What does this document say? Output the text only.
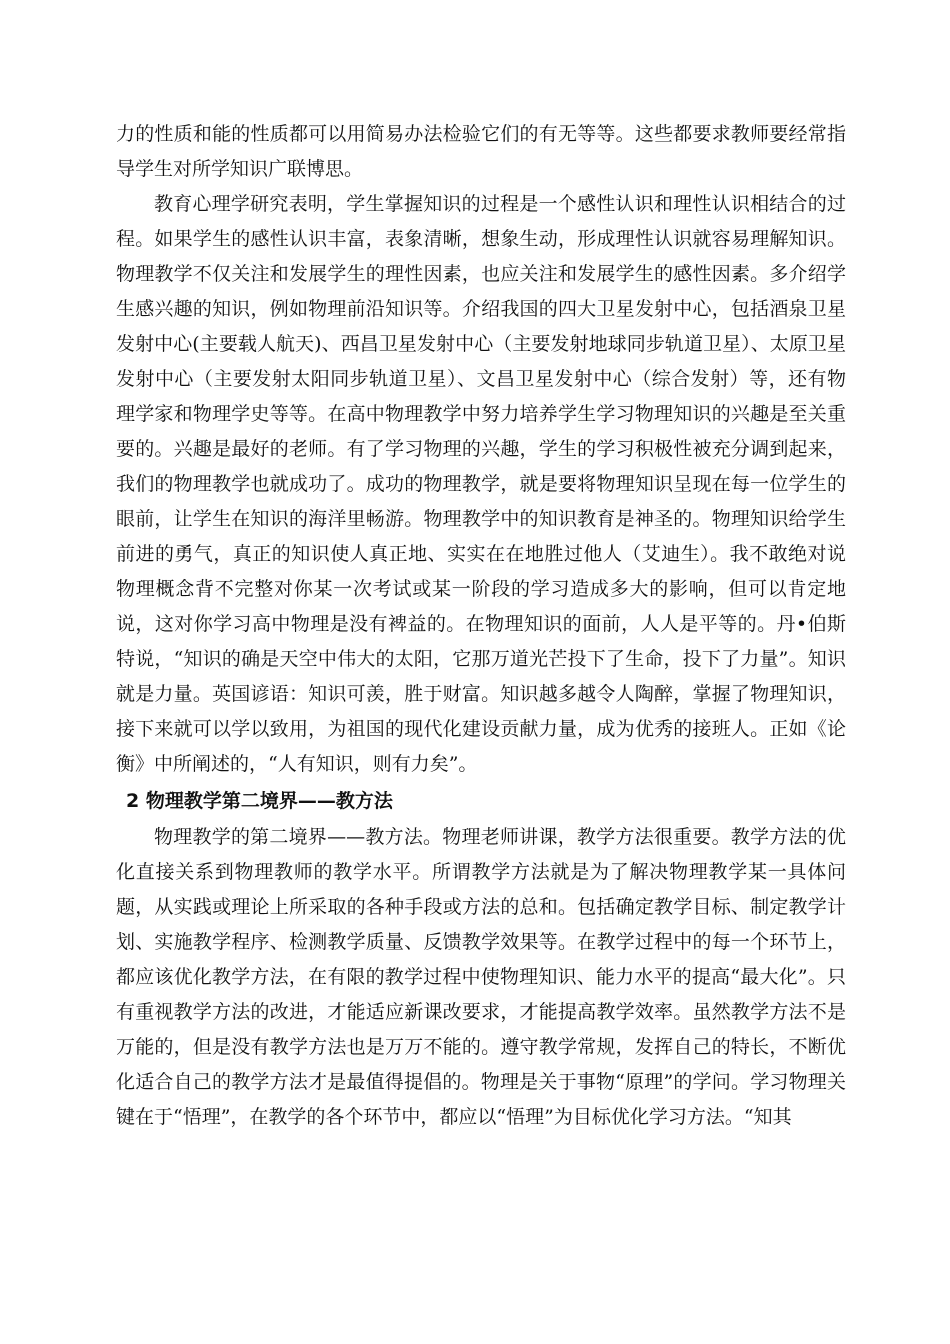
力的性质和能的性质都可以用简易办法检验它们的有无等等。这些都要求教师要经常指导学生对所学知识广联博思。

教育心理学研究表明，学生掌握知识的过程是一个感性认识和理性认识相结合的过程。如果学生的感性认识丰富，表象清晰，想象生动，形成理性认识就容易理解知识。物理教学不仅关注和发展学生的理性因素，也应关注和发展学生的感性因素。多介绍学生感兴趣的知识，例如物理前沿知识等。介绍我国的四大卫星发射中心，包括酒泉卫星发射中心(主要载人航天)、西昌卫星发射中心（主要发射地球同步轨道卫星）、太原卫星发射中心（主要发射太阳同步轨道卫星）、文昌卫星发射中心（综合发射）等，还有物理学家和物理学史等等。在高中物理教学中努力培养学生学习物理知识的兴趣是至关重要的。兴趣是最好的老师。有了学习物理的兴趣，学生的学习积极性被充分调到起来，我们的物理教学也就成功了。成功的物理教学，就是要将物理知识呈现在每一位学生的眼前，让学生在知识的海洋里畅游。物理教学中的知识教育是神圣的。物理知识给学生前进的勇气，真正的知识使人真正地、实实在在地胜过他人（艾迪生）。我不敢绝对说物理概念背不完整对你某一次考试或某一阶段的学习造成多大的影响，但可以肯定地说，这对你学习高中物理是没有裨益的。在物理知识的面前，人人是平等的。丹•伯斯特说，“知识的确是天空中伟大的太阳，它那万道光芒投下了生命，投下了力量”。知识就是力量。英国谚语：知识可羡，胜于财富。知识越多越令人陶醉，掌握了物理知识，接下来就可以学以致用，为祖国的现代化建设贡献力量，成为优秀的接班人。正如《论衡》中所阐述的，“人有知识，则有力矣”。

2 物理教学第二境界——教方法

物理教学的第二境界——教方法。物理老师讲课，教学方法很重要。教学方法的优化直接关系到物理教师的教学水平。所谓教学方法就是为了解决物理教学某一具体问题，从实践或理论上所采取的各种手段或方法的总和。包括确定教学目标、制定教学计划、实施教学程序、检测教学质量、反馈教学效果等。在教学过程中的每一个环节上，都应该优化教学方法，在有限的教学过程中使物理知识、能力水平的提高“最大化”。只有重视教学方法的改进，才能适应新课改要求，才能提高教学效率。虽然教学方法不是万能的，但是没有教学方法也是万万不能的。遵守教学常规，发挥自己的特长，不断优化适合自己的教学方法才是最值得提倡的。物理是关于事物“原理”的学问。学习物理关键在于“悟理”，在教学的各个环节中，都应以“悟理”为目标优化学习方法。“知其
